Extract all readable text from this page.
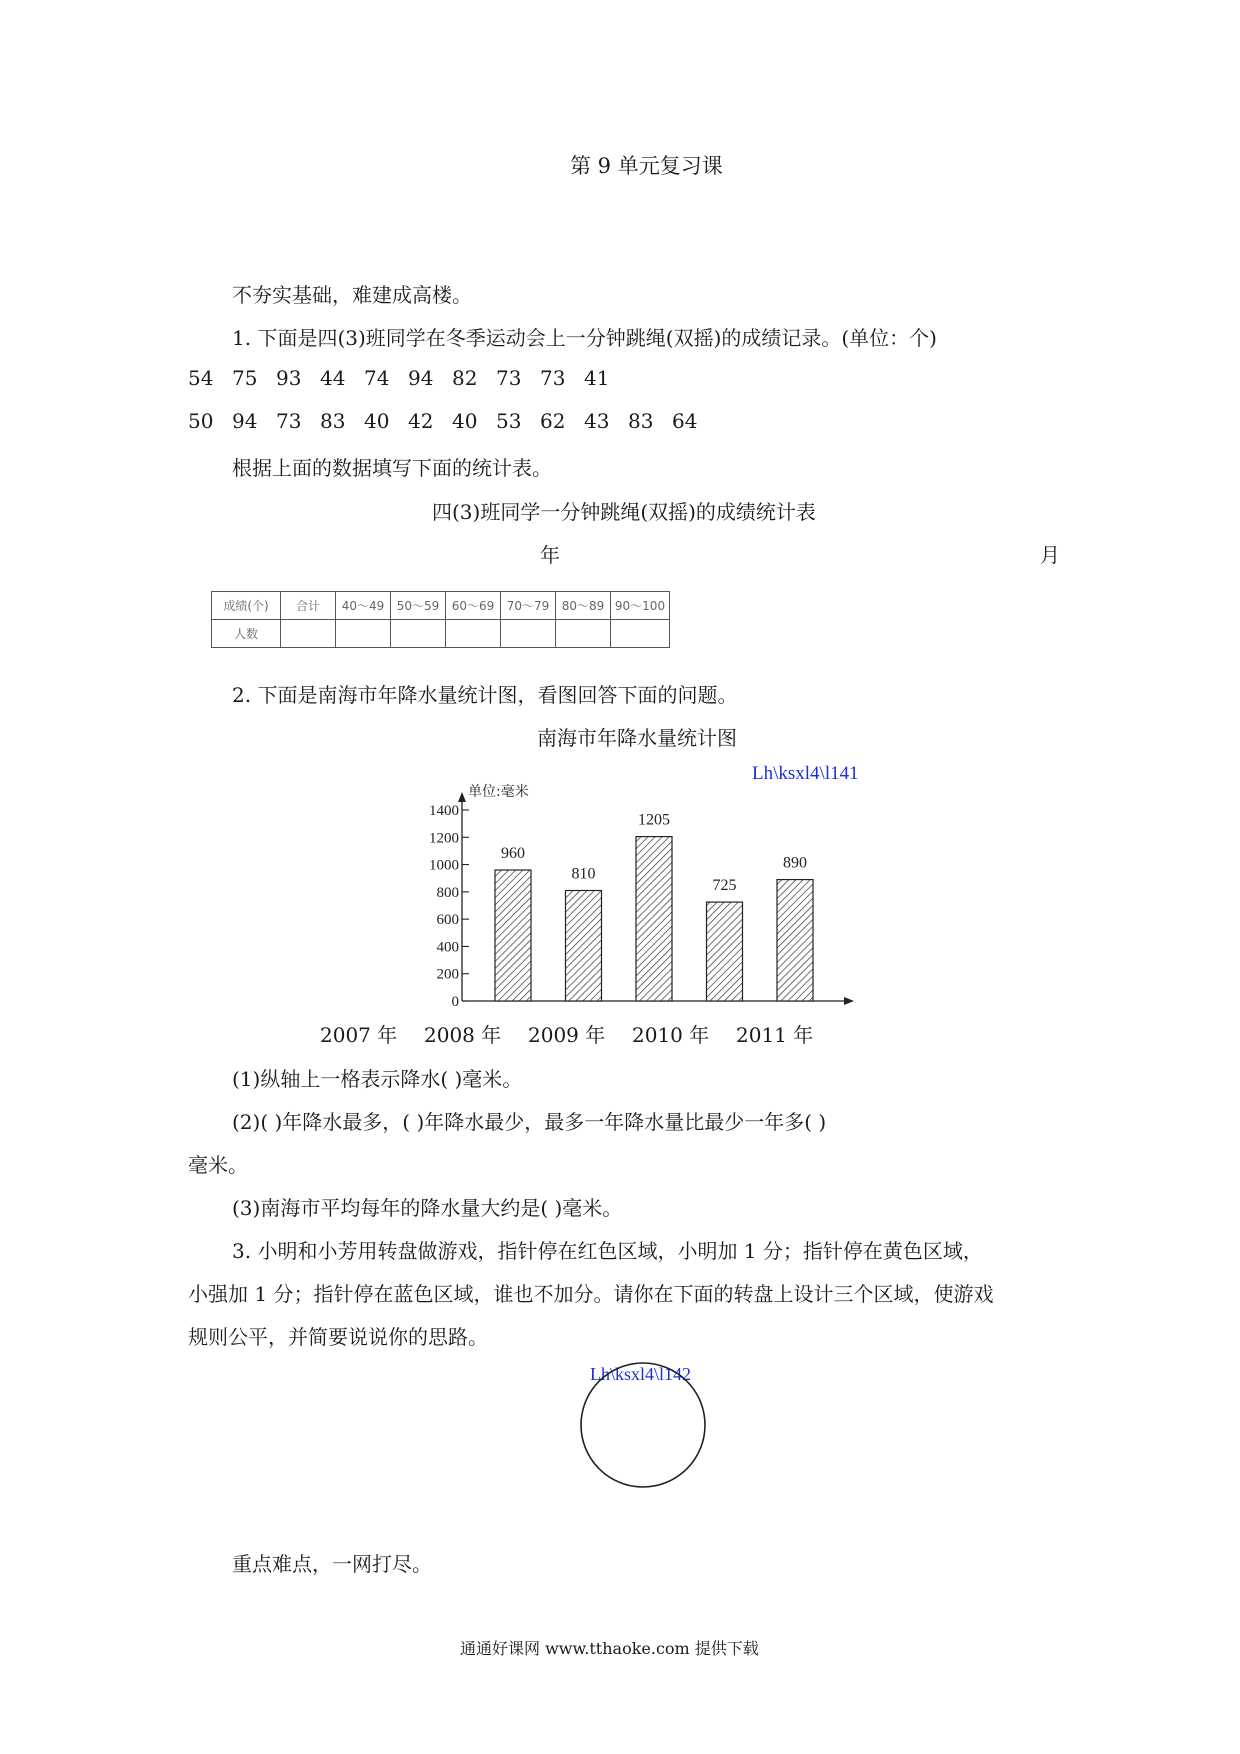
第 9 单元复习课
不夯实基础，难建成高楼。
1. 下面是四(3)班同学在冬季运动会上一分钟跳绳(双摇)的成绩记录。(单位：个)
54 75 93 44 74 94 82 73 73 41
50 94 73 83 40 42 40 53 62 43 83 64
根据上面的数据填写下面的统计表。
四(3)班同学一分钟跳绳(双摇)的成绩统计表
年	月
成绩(个)	合计	40～49	50～59	60～69	70～79	80～89	90～100
人数							
2. 下面是南海市年降水量统计图，看图回答下面的问题。
南海市年降水量统计图
Lh\ksxl4\l141
0
200
400
600
800
1000
1200
1400
960
810
1205
725
890
单位:毫米
2007 年 2008 年 2009 年 2010 年 2011 年
(1)纵轴上一格表示降水( )毫米。
(2)( )年降水最多，( )年降水最少，最多一年降水量比最少一年多( )
毫米。
(3)南海市平均每年的降水量大约是( )毫米。
3. 小明和小芳用转盘做游戏，指针停在红色区域，小明加 1 分；指针停在黄色区域，
小强加 1 分；指针停在蓝色区域，谁也不加分。请你在下面的转盘上设计三个区域，使游戏
规则公平，并简要说说你的思路。
Lh\ksxl4\l142
重点难点，一网打尽。
通通好课网 www.tthaoke.com 提供下载
